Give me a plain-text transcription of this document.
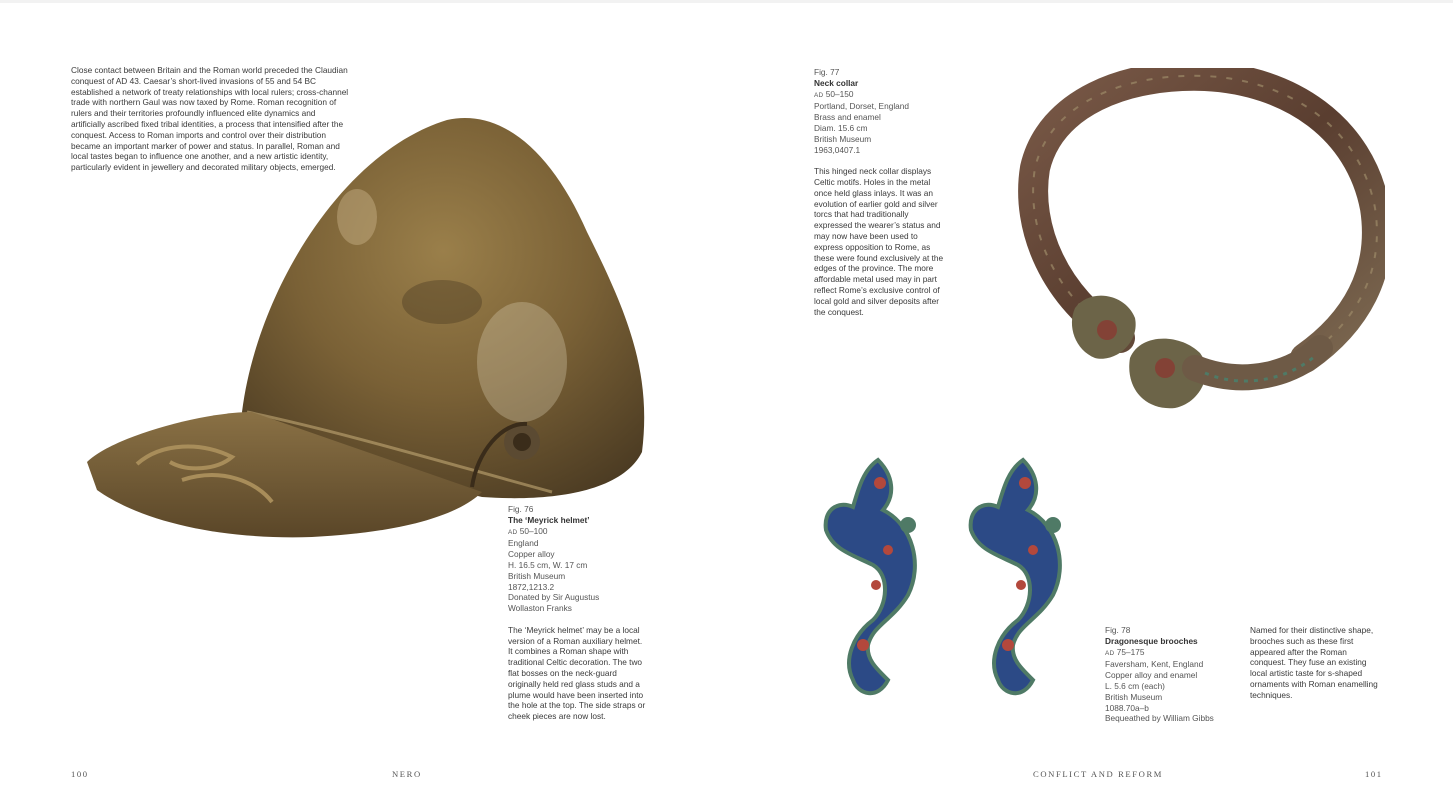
Close contact between Britain and the Roman world preceded the Claudian conquest of AD 43. Caesar’s short-lived invasions of 55 and 54 BC established a network of treaty relationships with local rulers; cross-channel trade with northern Gaul was now taxed by Rome. Roman recognition of rulers and their territories profoundly influenced elite dynamics and artificially ascribed fixed tribal identities, a process that intensified after the conquest. Access to Roman imports and control over their distribution became an important marker of power and status. In parallel, Roman and local tastes began to influence one another, and a new artistic identity, particularly evident in jewellery and decorated military objects, emerged.
Fig. 76
The ‘Meyrick helmet’
AD 50–100
England
Copper alloy
H. 16.5 cm, W. 17 cm
British Museum
1872,1213.2
Donated by Sir Augustus
Wollaston Franks
The ‘Meyrick helmet’ may be a local version of a Roman auxiliary helmet. It combines a Roman shape with traditional Celtic decoration. The two flat bosses on the neck-guard originally held red glass studs and a plume would have been inserted into the hole at the top. The side straps or cheek pieces are now lost.
Fig. 77
Neck collar
AD 50–150
Portland, Dorset, England
Brass and enamel
Diam. 15.6 cm
British Museum
1963,0407.1
This hinged neck collar displays Celtic motifs. Holes in the metal once held glass inlays. It was an evolution of earlier gold and silver torcs that had traditionally expressed the wearer’s status and may now have been used to express opposition to Rome, as these were found exclusively at the edges of the province. The more affordable metal used may in part reflect Rome’s exclusive control of local gold and silver deposits after the conquest.
Fig. 78
Dragonesque brooches
AD 75–175
Faversham, Kent, England
Copper alloy and enamel
L. 5.6 cm (each)
British Museum
1088.70a–b
Bequeathed by William Gibbs
Named for their distinctive shape, brooches such as these first appeared after the Roman conquest. They fuse an existing local artistic taste for s-shaped ornaments with Roman enamelling techniques.
100	NERO	CONFLICT AND REFORM	101
